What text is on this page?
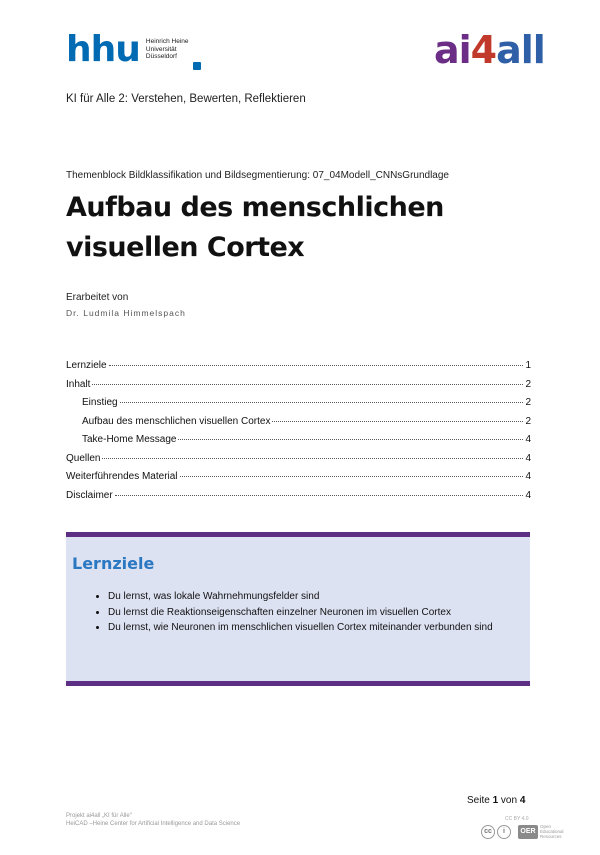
hhu Heinrich Heine
Universität
Düsseldorf	ai4all
KI für Alle 2: Verstehen, Bewerten, Reflektieren
Themenblock Bildklassifikation und Bildsegmentierung: 07_04Modell_CNNsGrundlage
Aufbau des menschlichen visuellen Cortex
Erarbeitet von
Dr. Ludmila Himmelspach
Lernziele	1
Inhalt	2
Einstieg	2
Aufbau des menschlichen visuellen Cortex	2
Take-Home Message	4
Quellen	4
Weiterführendes Material	4
Disclaimer	4
Lernziele
• Du lernst, was lokale Wahrnehmungsfelder sind
• Du lernst die Reaktionseigenschaften einzelner Neuronen im visuellen Cortex
• Du lernst, wie Neuronen im menschlichen visuellen Cortex miteinander verbunden sind
Seite 1 von 4
Projekt ai4all „KI für Alle“
HeiCAD –Heine Center for Artificial Intelligence and Data Science
CC BY 4.0
cc	i	OER
Open
Educational
Resources
